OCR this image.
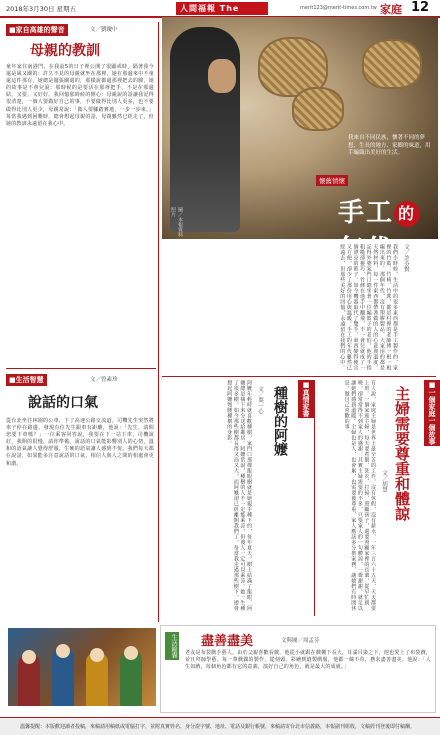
2018年3月30日 星期五	人間福報 The	merit123@merit-times.com.tw 家庭 12
■家自高雄的聲音	文／劉瓊中
母親的教訓
童年家住南港門，在我前5的日子裡公開了很顯戒時，隔著我今還是風又關的：許久不見的母親就坐在那裡，她在那邊來中不童還這件那有，她總是擺張關還的，那樣說都還那裡把去的臉，她的故事是不會兒說：那時候的是要活在那裡把手，不是在那邊結，又要，又好好。我回憶那時候的開心：母親說的話讓我記得很清楚，一個人要做好自己的事，不要做得比別人更多，也不要做得比別人更少，母親常說：「做人要腳踏實地，一步一步來。」每當我遇到困難時，總會想起母親的話，母親雖然已經走了，但她的教訓永遠留在我心中。
■生活智慧	文／曾素珍
說話的口氣
從台北坐往林園的公車，下了高速公路交流道，司機先生突然將車子停在路邊，發現有位先生跟車有距離，他說：「先生，請問您要下車嗎？」一位乘客回答說，我要在下一站下車，司機說好，我開的很慢，請你準備。說話的口氣能影響別人的心情，溫和的語氣讓人覺得舒服，生硬的語氣讓人感到不悅。我們每天都在說話，如果能多注意說話的口氣，相信人與人之間的相處會更和諧。
我來自不同民族，懷著不同的夢想，生長的地方、家鄉的味道，用手編織出美好的生活。
懷舊情懷
手工 的年代
圖／本報資料照片
文／許芬賢
我們小時候，生活中的很多東西都是手工製作的，家裡的竹籃、竹椅、竹蓆，都是村裡的老師傅一根一根編出來的。那個年代，沒有塑膠製品，大家用的都是天然材料，每一件東西都帶著做的人的心意與溫度。記得外婆家門口總坐著一位編籃子的老伯，他的手指粗糙卻靈巧，竹條在他手中翻飛，不一會兒就成了一個漂亮的籃子。如今機器取代了雙手，東西變得便宜又方便，卻少了那份用心與溫暖。手工的年代雖然已經遠去，但那些美好的回憶，永遠留在我們的心中。
■真情家書
種樹的阿嬤
文／葉一心
阿嬤年輕時就喜歡種樹，家門口那棵龍眼樹就是她親手種下的，每年夏天，樹上結滿了龍眼，阿嬤總是摘下來分送給鄰居。阿嬤常說，種樹的人不一定能乘涼，但後人一定可以乘涼。她一生種了很多樹，如今那些樹都長得又高又大，而阿嬤卻已經離開我們了。每當我走過那些樹下，總會想起阿嬤彎腰種樹的身影。	■一個家庭一個故事
主婦需要尊重和體諒
文／胡慧
有人說，家庭主婦是世界上最辛苦的工作，沒有休假，沒有薪水，一年三百六十五天，天天都要上班。一個家庭主婦，每天要煮飯、洗衣、打掃、照顧孩子，還要照顧家裡的長輩，從早忙到晚，卻常常得不到家人的感謝。其實主婦需要的不多，只要家人的一句體諒，一聲謝謝，就足以讓她們感到溫暖。主婦也是人，也會累，也需要被尊重，家人應該多分擔家務，讓她們有時間休息，做自己喜歡的事。
生活錦囊 盡善盡美	文與圖／周孟芬
老友是布袋戲手藝人，由於父親喜歡看戲，他從小就跟在戲棚下長大，耳濡目染之下，他也愛上了布袋戲，並且拜師學藝。每一尊戲偶的製作，從刻頭、彩繪到縫製戲服，他都一絲不苟，務求盡善盡美。他說：「人生如戲，每個角色都有它的意義，演好自己的角色，就是最大的成就。」
溫馨提醒：本版歡迎讀者投稿，來稿請用稿紙或電腦打字，並附真實姓名、身分證字號、地址、電話及銀行帳號，來稿請寄台北市信義路，本報副刊組收，文稿經刊登後即付稿酬。
